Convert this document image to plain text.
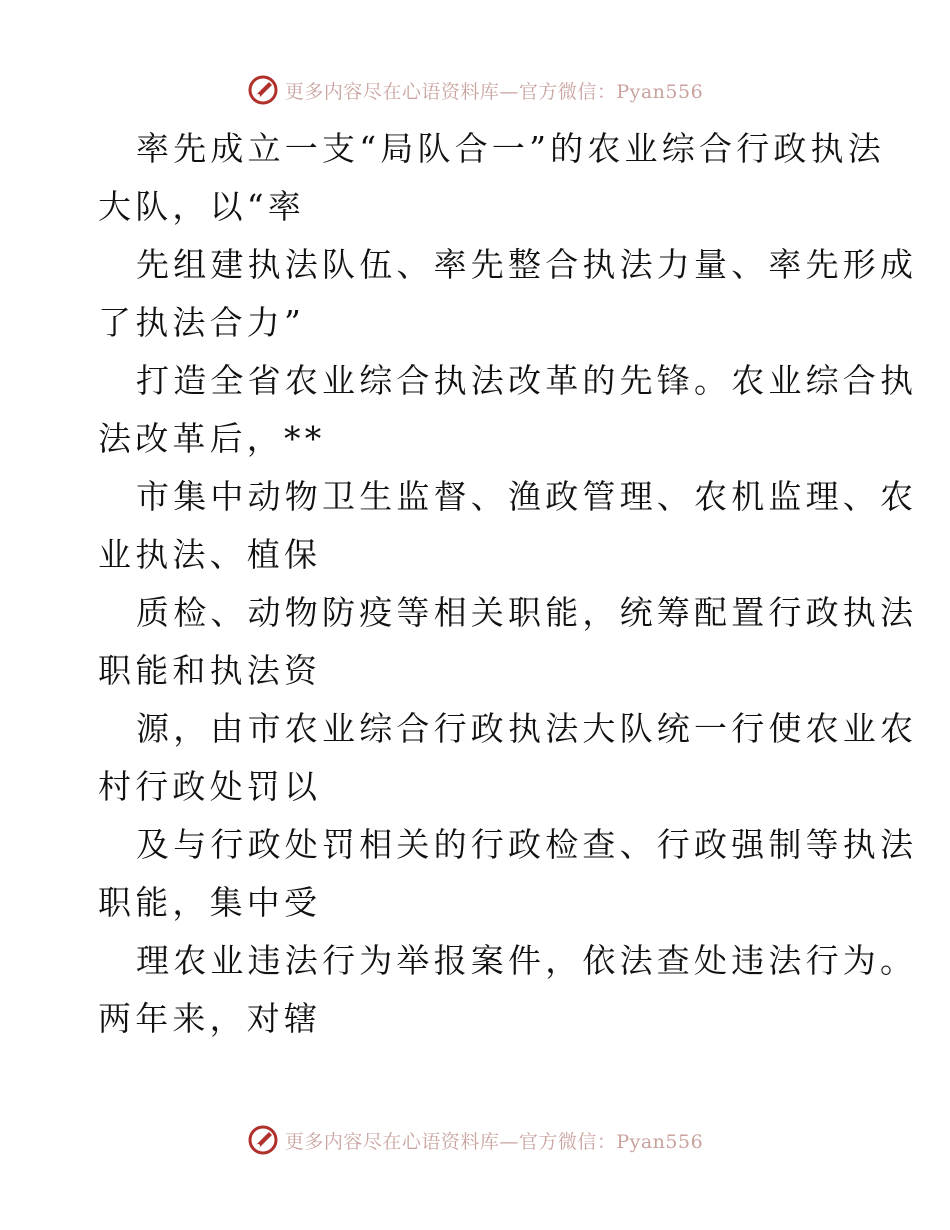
更多内容尽在心语资料库—官方微信：Pyan556

率先成立一支“局队合一”的农业综合行政执法
大队，以“率

先组建执法队伍、率先整合执法力量、率先形成
了执法合力”

打造全省农业综合执法改革的先锋。农业综合执
法改革后，**

市集中动物卫生监督、渔政管理、农机监理、农
业执法、植保

质检、动物防疫等相关职能，统筹配置行政执法
职能和执法资

源，由市农业综合行政执法大队统一行使农业农
村行政处罚以

及与行政处罚相关的行政检查、行政强制等执法
职能，集中受

理农业违法行为举报案件，依法查处违法行为。
两年来，对辖

更多内容尽在心语资料库—官方微信：Pyan556
